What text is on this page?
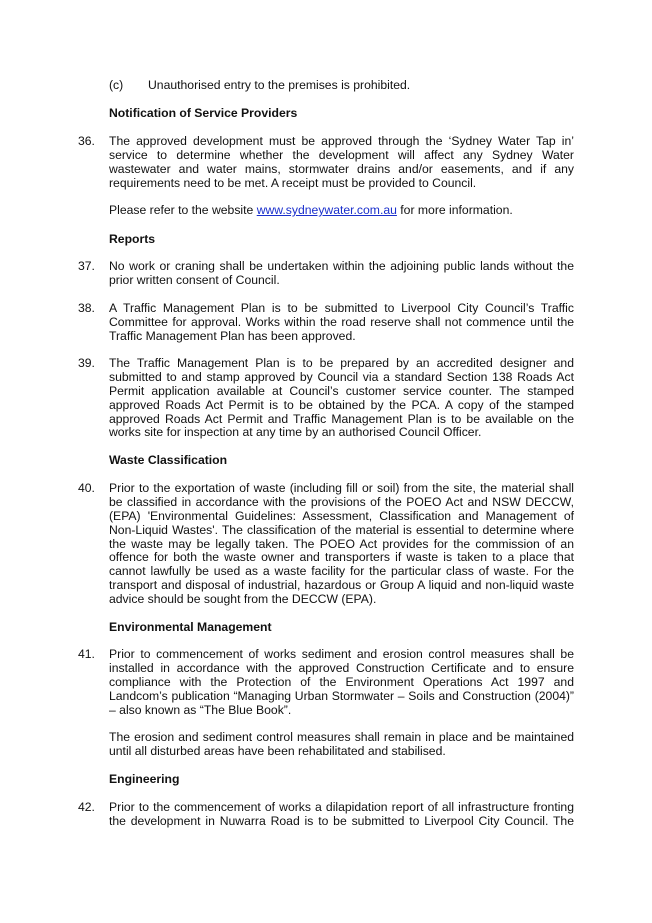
(c) Unauthorised entry to the premises is prohibited.
Notification of Service Providers
36.	The approved development must be approved through the ‘Sydney Water Tap in’
service to determine whether the development will affect any Sydney Water
wastewater and water mains, stormwater drains and/or easements, and if any
requirements need to be met. A receipt must be provided to Council.
Please refer to the website www.sydneywater.com.au for more information.
Reports
37.	No work or craning shall be undertaken within the adjoining public lands without the
prior written consent of Council.
38.	A Traffic Management Plan is to be submitted to Liverpool City Council’s Traffic
Committee for approval. Works within the road reserve shall not commence until the
Traffic Management Plan has been approved.
39.	The Traffic Management Plan is to be prepared by an accredited designer and
submitted to and stamp approved by Council via a standard Section 138 Roads Act
Permit application available at Council’s customer service counter. The stamped
approved Roads Act Permit is to be obtained by the PCA. A copy of the stamped
approved Roads Act Permit and Traffic Management Plan is to be available on the
works site for inspection at any time by an authorised Council Officer.
Waste Classification
40.	Prior to the exportation of waste (including fill or soil) from the site, the material shall
be classified in accordance with the provisions of the POEO Act and NSW DECCW,
(EPA) 'Environmental Guidelines: Assessment, Classification and Management of
Non-Liquid Wastes'. The classification of the material is essential to determine where
the waste may be legally taken. The POEO Act provides for the commission of an
offence for both the waste owner and transporters if waste is taken to a place that
cannot lawfully be used as a waste facility for the particular class of waste. For the
transport and disposal of industrial, hazardous or Group A liquid and non-liquid waste
advice should be sought from the DECCW (EPA).
Environmental Management
41.	Prior to commencement of works sediment and erosion control measures shall be
installed in accordance with the approved Construction Certificate and to ensure
compliance with the Protection of the Environment Operations Act 1997 and
Landcom’s publication “Managing Urban Stormwater – Soils and Construction (2004)”
– also known as “The Blue Book”.
The erosion and sediment control measures shall remain in place and be maintained
until all disturbed areas have been rehabilitated and stabilised.
Engineering
42.	Prior to the commencement of works a dilapidation report of all infrastructure fronting
the development in Nuwarra Road is to be submitted to Liverpool City Council. The
